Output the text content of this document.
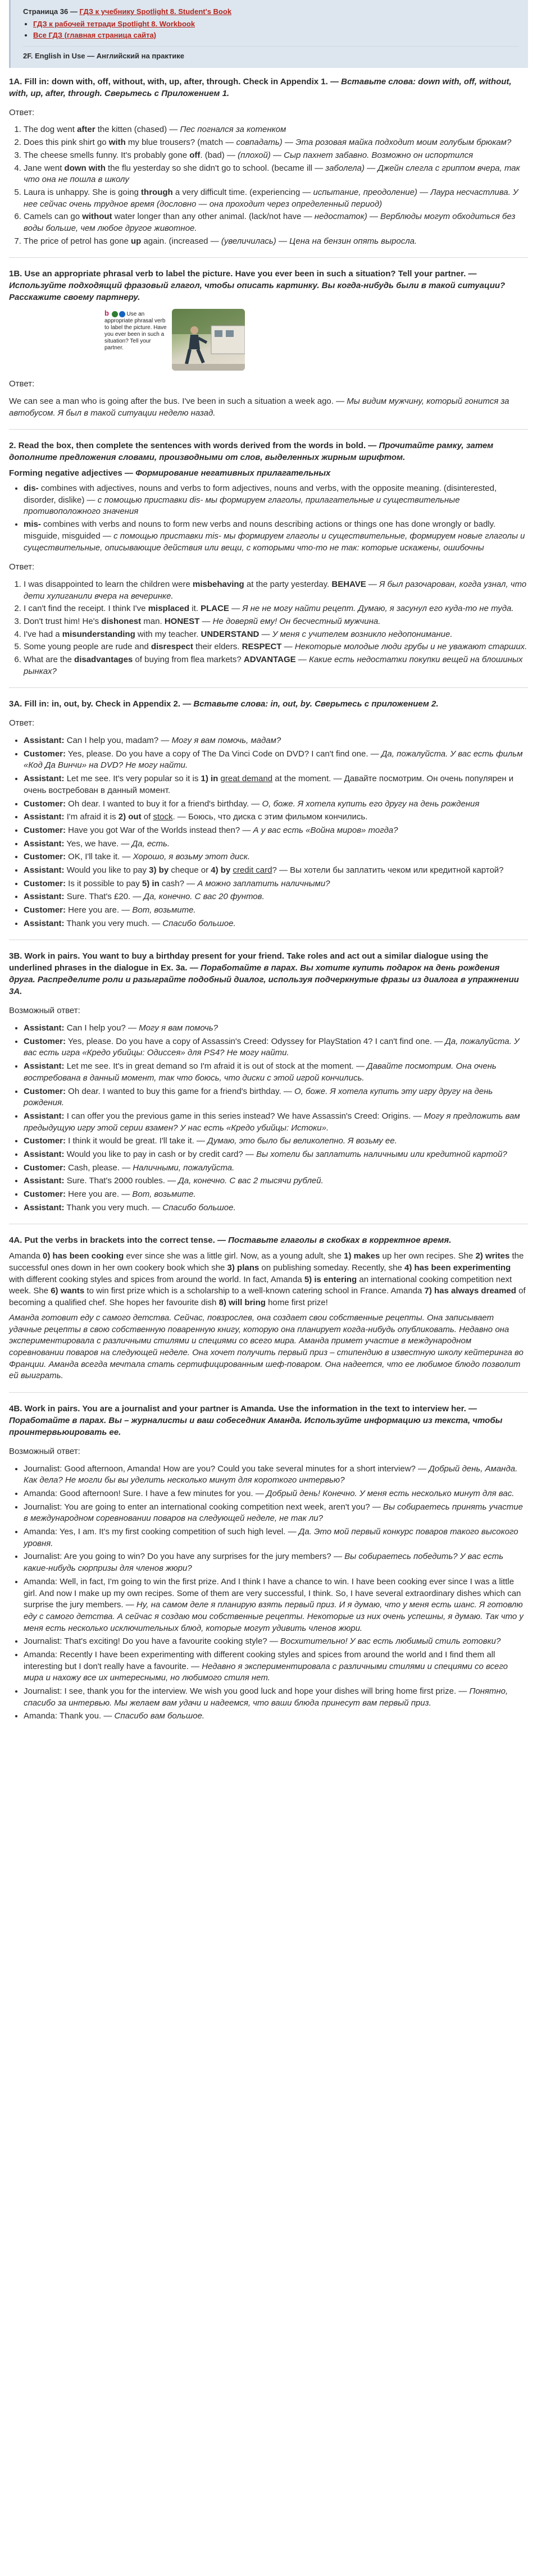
Страница 36 — ГДЗ к учебнику Spotlight 8. Student's Book
• ГДЗ к рабочей тетради Spotlight 8. Workbook
• Все ГДЗ (главная страница сайта)
2F. English in Use — Английский на практике
1A. Fill in: down with, off, without, with, up, after, through. Check in Appendix 1. — Вставьте слова: down with, off, without, with, up, after, through. Сверьтесь с Приложением 1.

Ответ:

1. The dog went after the kitten (chased) — Пес погнался за котенком
2. Does this pink shirt go with my blue trousers? (match — совпадать) — Эта розовая майка подходит моим голубым брюкам?
3. The cheese smells funny. It's probably gone off. (bad) — (плохой) — Сыр пахнет забавно. Возможно он испортился
4. Jane went down with the flu yesterday so she didn't go to school. (became ill — заболела) — Джейн слегла с гриппом вчера, так что она не пошла в школу
5. Laura is unhappy. She is going through a very difficult time. (experiencing — испытание, преодоление) — Лаура несчастлива. У нее сейчас очень трудное время (дословно — она проходит через определенный период)
6. Camels can go without water longer than any other animal. (lack/not have — недостаток) — Верблюды могут обходиться без воды больше, чем любое другое животное.
7. The price of petrol has gone up again. (increased — (увеличилась) — Цена на бензин опять выросла.
1B. Use an appropriate phrasal verb to label the picture. Have you ever been in such a situation? Tell your partner. — Используйте подходящий фразовый глагол, чтобы описать картинку. Вы когда-нибудь были в такой ситуации? Расскажите своему партнеру.
b	Use an appropriate phrasal verb to label the picture. Have you ever been in such a situation? Tell your partner.

Ответ:

We can see a man who is going after the bus. I've been in such a situation a week ago. — Мы видим мужчину, который гонится за автобусом. Я был в такой ситуации неделю назад.

2. Read the box, then complete the sentences with words derived from the words in bold. — Прочитайте рамку, затем дополните предложения словами, производными от слов, выделенных жирным шрифтом.

Forming negative adjectives — Формирование негативных прилагательных

• dis- combines with adjectives, nouns and verbs to form adjectives, nouns and verbs, with the opposite meaning. (disinterested, disorder, dislike) — с помощью приставки dis- мы формируем глаголы, прилагательные и существительные противоположного значения
• mis- combines with verbs and nouns to form new verbs and nouns describing actions or things one has done wrongly or badly. misguide, misguided — с помощью приставки mis- мы формируем глаголы и существительные, формируем новые глаголы и существительные, описывающие действия или вещи, с которыми что-то не так: которые искажены, ошибочны

Ответ:

1. I was disappointed to learn the children were misbehaving at the party yesterday. BEHAVE — Я был разочарован, когда узнал, что дети хулиганили вчера на вечеринке.
2. I can't find the receipt. I think I've misplaced it. PLACE — Я не не могу найти рецепт. Думаю, я засунул его куда-то не туда.
3. Don't trust him! He's dishonest man. HONEST — Не доверяй ему! Он бесчестный мужчина.
4. I've had a misunderstanding with my teacher. UNDERSTAND — У меня с учителем возникло недопонимание.
5. Some young people are rude and disrespect their elders. RESPECT — Некоторые молодые люди грубы и не уважают старших.
6. What are the disadvantages of buying from flea markets? ADVANTAGE — Какие есть недостатки покупки вещей на блошиных рынках?
3A. Fill in: in, out, by. Check in Appendix 2. — Вставьте слова: in, out, by. Сверьтесь с приложением 2.

Ответ:

• Assistant: Can I help you, madam? — Могу я вам помочь, мадам?
• Customer: Yes, please. Do you have a copy of The Da Vinci Code on DVD? I can't find one. — Да, пожалуйста. У вас есть фильм «Код Да Винчи» на DVD? Не могу найти.
• Assistant: Let me see. It's very popular so it is 1) in great demand at the moment. — Давайте посмотрим. Он очень популярен и очень востребован в данный момент.
• Customer: Oh dear. I wanted to buy it for a friend's birthday. — О, боже. Я хотела купить его другу на день рождения
• Assistant: I'm afraid it is 2) out of stock. — Боюсь, что диска с этим фильмом кончились.
• Customer: Have you got War of the Worlds instead then? — А у вас есть «Война миров» тогда?
• Assistant: Yes, we have. — Да, есть.
• Customer: OK, I'll take it. — Хорошо, я возьму этот диск.
• Assistant: Would you like to pay 3) by cheque or 4) by credit card? — Вы хотели бы заплатить чеком или кредитной картой?
• Customer: Is it possible to pay 5) in cash? — А можно заплатить наличными?
• Assistant: Sure. That's £20. — Да, конечно. С вас 20 фунтов.
• Customer: Here you are. — Вот, возьмите.
• Assistant: Thank you very much. — Спасибо большое.
3B. Work in pairs. You want to buy a birthday present for your friend. Take roles and act out a similar dialogue using the underlined phrases in the dialogue in Ex. 3a. — Поработайте в парах. Вы хотите купить подарок на день рождения друга. Распределите роли и разыграйте подобный диалог, используя подчеркнутые фразы из диалога в упражнении 3А.

Возможный ответ:

• Assistant: Can I help you? — Могу я вам помочь?
• Customer: Yes, please. Do you have a copy of Assassin's Creed: Odyssey for PlayStation 4? I can't find one. — Да, пожалуйста. У вас есть игра «Кредо убийцы: Одиссея» для PS4? Не могу найти.
• Assistant: Let me see. It's in great demand so I'm afraid it is out of stock at the moment. — Давайте посмотрим. Она очень востребована в данный момент, так что боюсь, что диски с этой игрой кончились.
• Customer: Oh dear. I wanted to buy this game for a friend's birthday. — О, боже. Я хотела купить эту игру другу на день рождения.
• Assistant: I can offer you the previous game in this series instead? We have Assassin's Creed: Origins. — Могу я предложить вам предыдущую игру этой серии взамен? У нас есть «Кредо убийцы: Истоки».
• Customer: I think it would be great. I'll take it. — Думаю, это было бы великолепно. Я возьму ее.
• Assistant: Would you like to pay in cash or by credit card? — Вы хотели бы заплатить наличными или кредитной картой?
• Customer: Cash, please. — Наличными, пожалуйста.
• Assistant: Sure. That's 2000 roubles. — Да, конечно. С вас 2 тысячи рублей.
• Customer: Here you are. — Вот, возьмите.
• Assistant: Thank you very much. — Спасибо большое.
4A. Put the verbs in brackets into the correct tense. — Поставьте глаголы в скобках в корректное время.

Amanda 0) has been cooking ever since she was a little girl. Now, as a young adult, she 1) makes up her own recipes. She 2) writes the successful ones down in her own cookery book which she 3) plans on publishing someday. Recently, she 4) has been experimenting with different cooking styles and spices from around the world. In fact, Amanda 5) is entering an international cooking competition next week. She 6) wants to win first prize which is a scholarship to a well-known catering school in France. Amanda 7) has always dreamed of becoming a qualified chef. She hopes her favourite dish 8) will bring home first prize!

Аманда готовит еду с самого детства. Сейчас, повзрослев, она создает свои собственные рецепты. Она записывает удачные рецепты в свою собственную поваренную книгу, которую она планирует когда-нибудь опубликовать. Недавно она экспериментировала с различными стилями и специями со всего мира. Аманда примет участие в международном соревновании поваров на следующей неделе. Она хочет получить первый приз – стипендию в известную школу кейтеринга во Франции. Аманда всегда мечтала стать сертифицированным шеф-поваром. Она надеется, что ее любимое блюдо позволит ей выиграть.

4B. Work in pairs. You are a journalist and your partner is Amanda. Use the information in the text to interview her. — Поработайте в парах. Вы – журналисты и ваш собеседник Аманда. Используйте информацию из текста, чтобы проинтервьюировать ее.

Возможный ответ:

• Journalist: Good afternoon, Amanda! How are you? Could you take several minutes for a short interview? — Добрый день, Аманда. Как дела? Не могли бы вы уделить несколько минут для короткого интервью?
• Amanda: Good afternoon! Sure. I have a few minutes for you. — Добрый день! Конечно. У меня есть несколько минут для вас.
• Journalist: You are going to enter an international cooking competition next week, aren't you? — Вы собираетесь принять участие в международном соревновании поваров на следующей неделе, не так ли?
• Amanda: Yes, I am. It's my first cooking competition of such high level. — Да. Это мой первый конкурс поваров такого высокого уровня.
• Journalist: Are you going to win? Do you have any surprises for the jury members? — Вы собираетесь победить? У вас есть какие-нибудь сюрпризы для членов жюри?
• Amanda: Well, in fact, I'm going to win the first prize. And I think I have a chance to win. I have been cooking ever since I was a little girl. And now I make up my own recipes. Some of them are very successful, I think. So, I have several extraordinary dishes which can surprise the jury members. — Ну, на самом деле я планирую взять первый приз. И я думаю, что у меня есть шанс. Я готовлю еду с самого детства. А сейчас я создаю мои собственные рецепты. Некоторые из них очень успешны, я думаю. Так что у меня есть несколько исключительных блюд, которые могут удивить членов жюри.
• Journalist: That's exciting! Do you have a favourite cooking style? — Восхитительно! У вас есть любимый стиль готовки?
• Amanda: Recently I have been experimenting with different cooking styles and spices from around the world and I find them all interesting but I don't really have a favourite. — Недавно я экспериментировала с различными стилями и специями со всего мира и нахожу все их интересными, но любимого стиля нет.
• Journalist: I see, thank you for the interview. We wish you good luck and hope your dishes will bring home first prize. — Понятно, спасибо за интервью. Мы желаем вам удачи и надеемся, что ваши блюда принесут вам первый приз.
• Amanda: Thank you. — Спасибо вам большое.
